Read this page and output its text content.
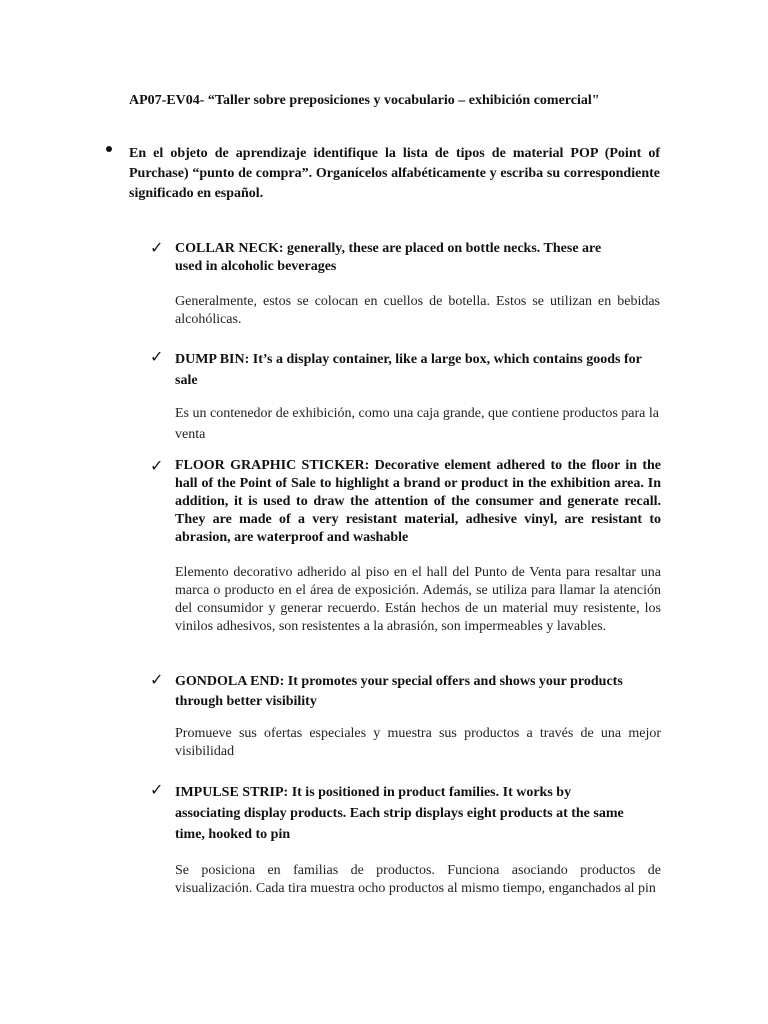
AP07-EV04- “Taller sobre preposiciones y vocabulario – exhibición comercial"
En el objeto de aprendizaje identifique la lista de tipos de material POP (Point of Purchase) “punto de compra”. Organícelos alfabéticamente y escriba su correspondiente significado en español.
✓ COLLAR NECK: generally, these are placed on bottle necks. These are used in alcoholic beverages
Generalmente, estos se colocan en cuellos de botella. Estos se utilizan en bebidas alcohólicas.
✓ DUMP BIN: It’s a display container, like a large box, which contains goods for sale
Es un contenedor de exhibición, como una caja grande, que contiene productos para la venta
✓ FLOOR GRAPHIC STICKER: Decorative element adhered to the floor in the hall of the Point of Sale to highlight a brand or product in the exhibition area. In addition, it is used to draw the attention of the consumer and generate recall. They are made of a very resistant material, adhesive vinyl, are resistant to abrasion, are waterproof and washable
Elemento decorativo adherido al piso en el hall del Punto de Venta para resaltar una marca o producto en el área de exposición. Además, se utiliza para llamar la atención del consumidor y generar recuerdo. Están hechos de un material muy resistente, los vinilos adhesivos, son resistentes a la abrasión, son impermeables y lavables.
✓ GONDOLA END: It promotes your special offers and shows your products through better visibility
Promueve sus ofertas especiales y muestra sus productos a través de una mejor visibilidad
✓ IMPULSE STRIP: It is positioned in product families. It works by associating display products. Each strip displays eight products at the same time, hooked to pin
Se posiciona en familias de productos. Funciona asociando productos de visualización. Cada tira muestra ocho productos al mismo tiempo, enganchados al pin
